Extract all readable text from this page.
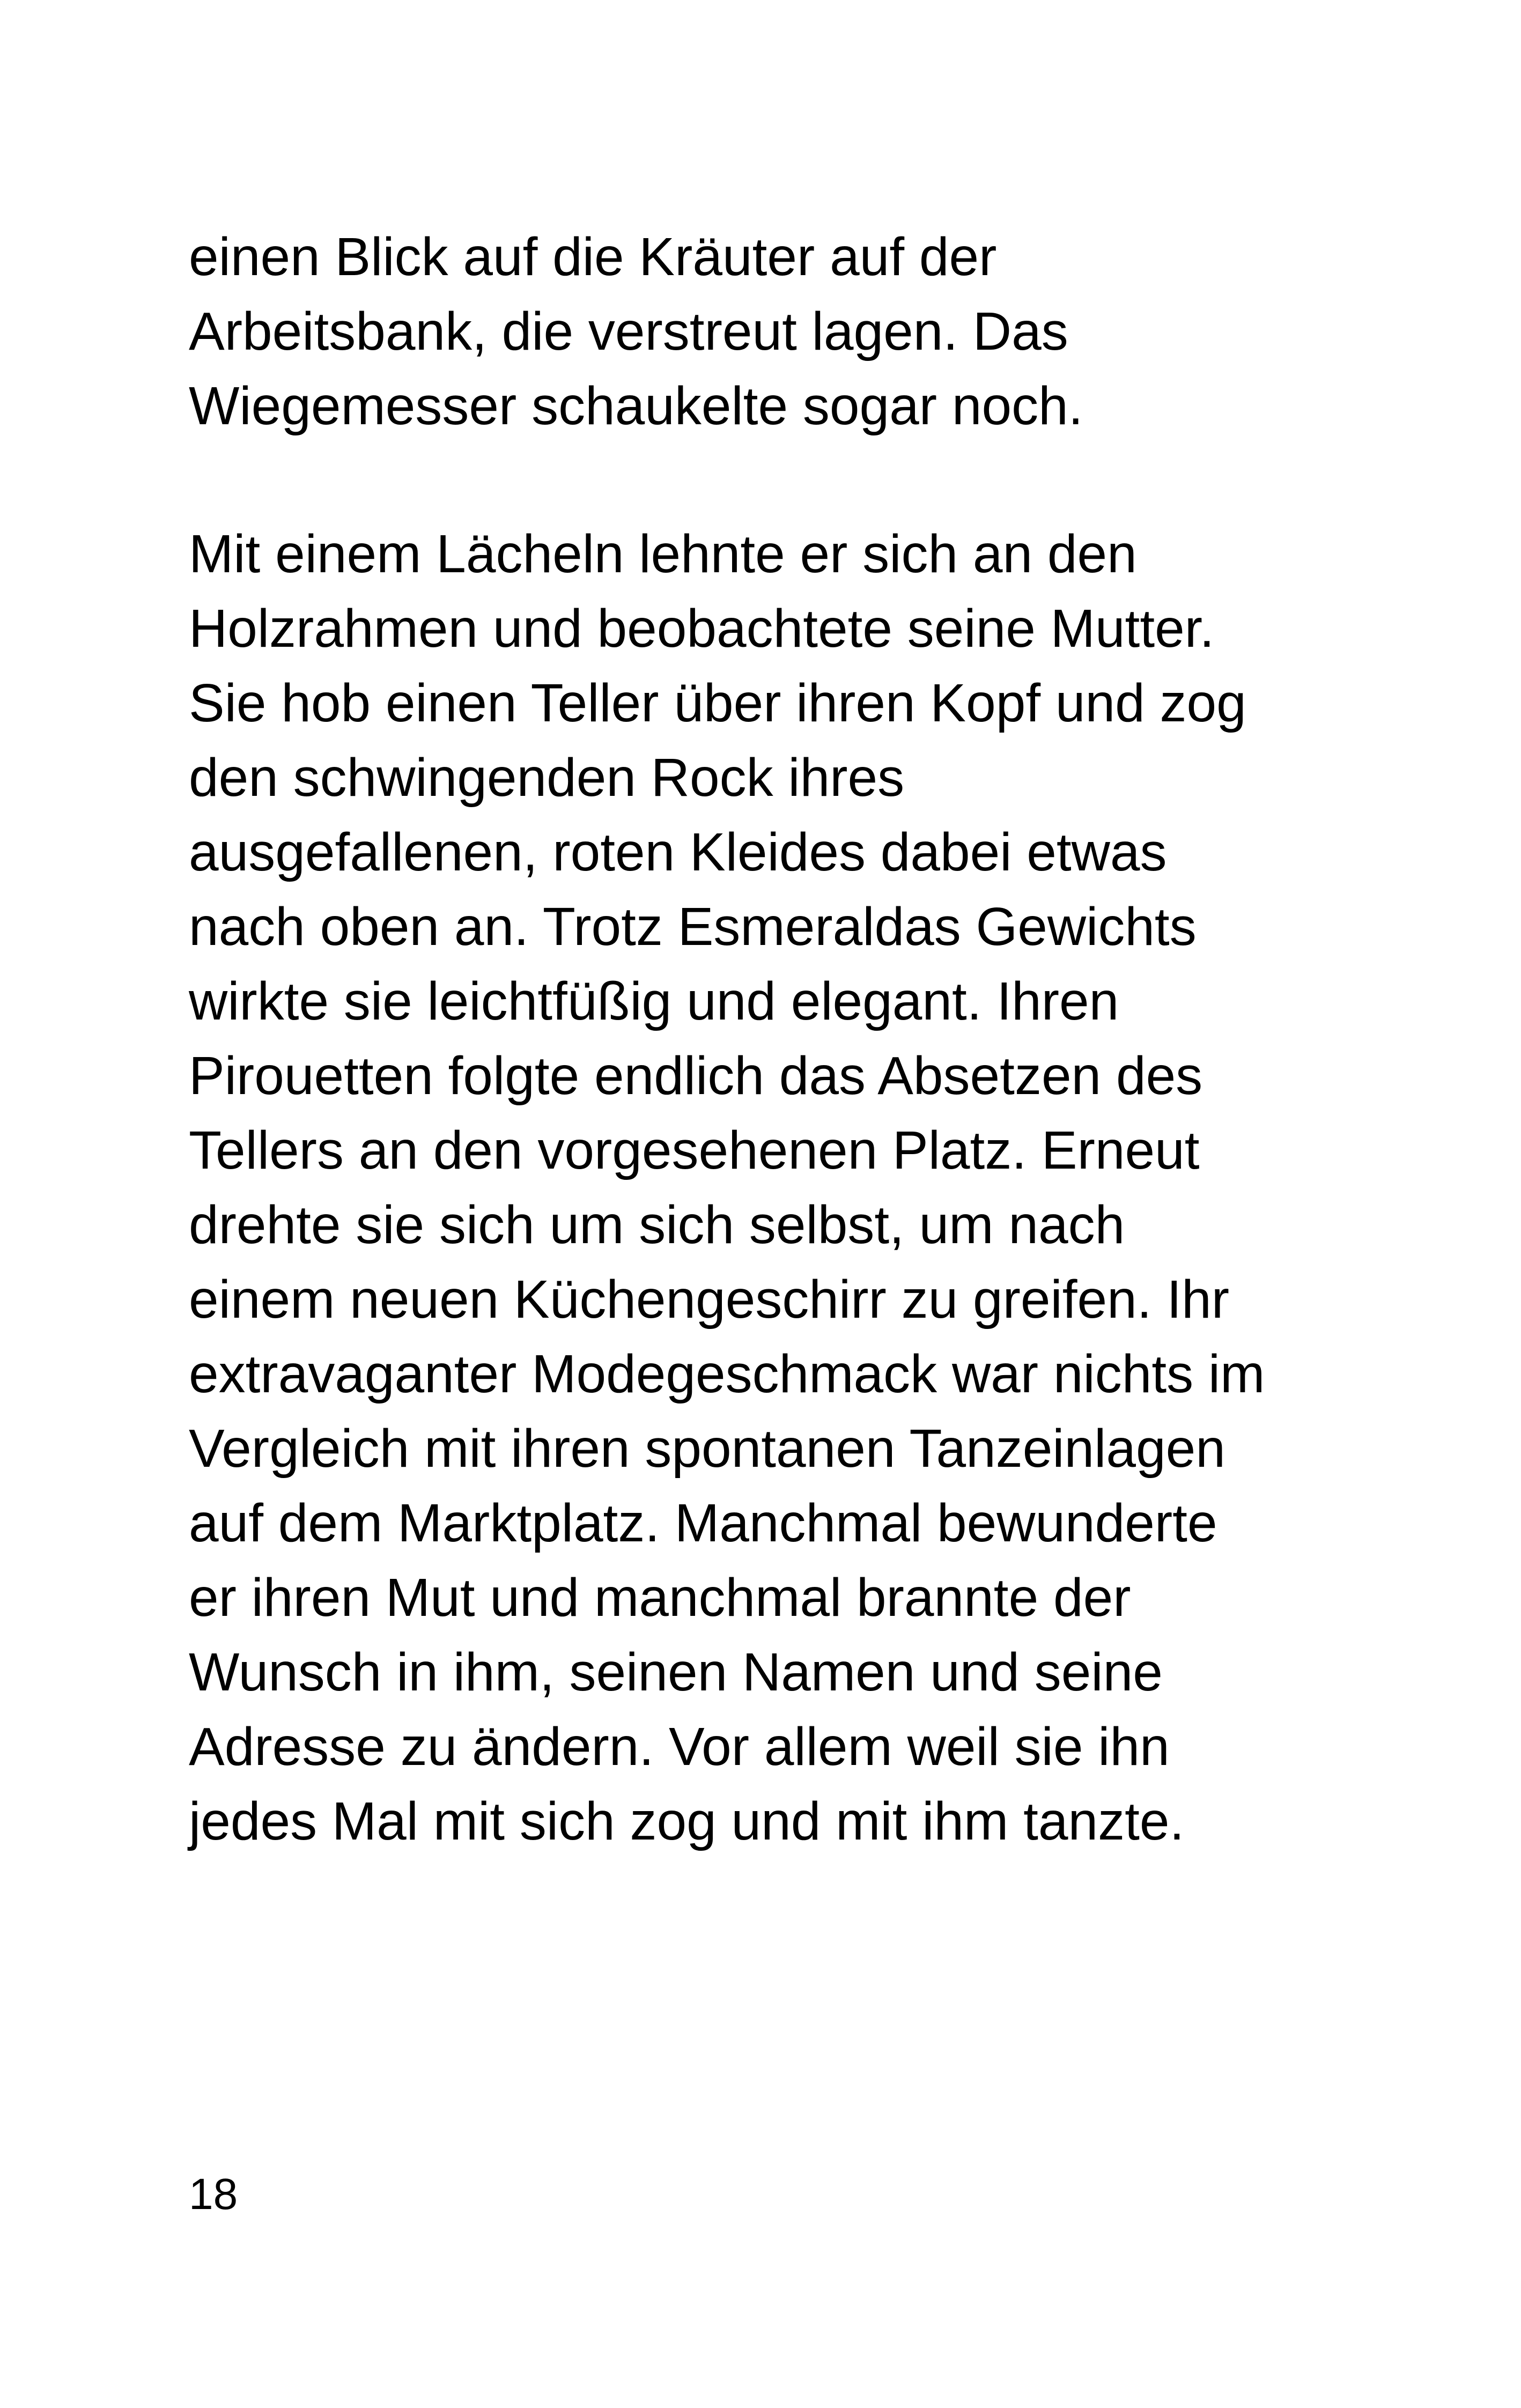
einen Blick auf die Kräuter auf der
Arbeitsbank, die verstreut lagen. Das
Wiegemesser schaukelte sogar noch.

Mit einem Lächeln lehnte er sich an den
Holzrahmen und beobachtete seine Mutter.
Sie hob einen Teller über ihren Kopf und zog
den schwingenden Rock ihres
ausgefallenen, roten Kleides dabei etwas
nach oben an. Trotz Esmeraldas Gewichts
wirkte sie leichtfüßig und elegant. Ihren
Pirouetten folgte endlich das Absetzen des
Tellers an den vorgesehenen Platz. Erneut
drehte sie sich um sich selbst, um nach
einem neuen Küchengeschirr zu greifen. Ihr
extravaganter Modegeschmack war nichts im
Vergleich mit ihren spontanen Tanzeinlagen
auf dem Marktplatz. Manchmal bewunderte
er ihren Mut und manchmal brannte der
Wunsch in ihm, seinen Namen und seine
Adresse zu ändern. Vor allem weil sie ihn
jedes Mal mit sich zog und mit ihm tanzte.

18
